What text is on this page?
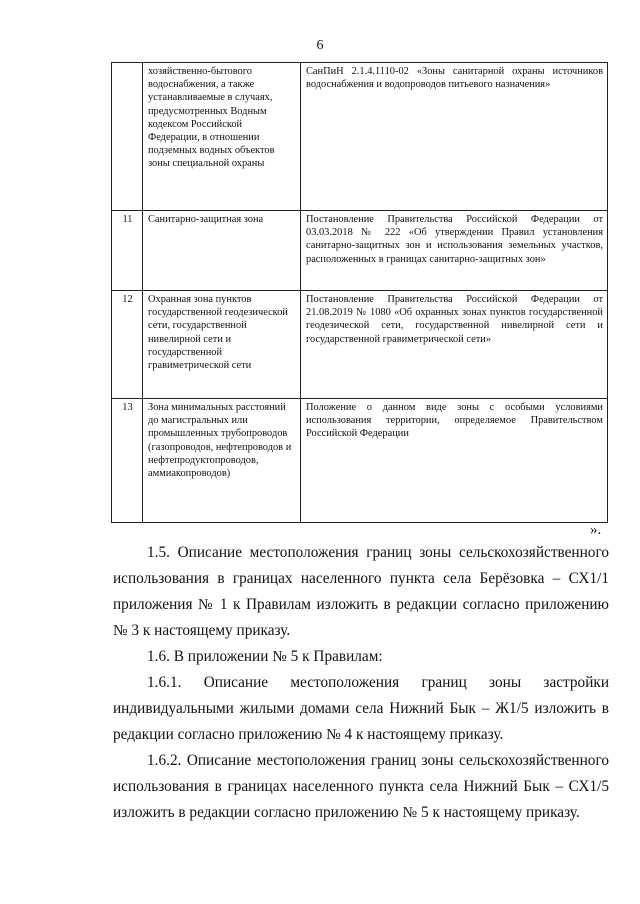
6
	хозяйственно-бытового водоснабжения, а также устанавливаемые в случаях, предусмотренных Водным кодексом Российской Федерации, в отношении подземных водных объектов зоны специальной охраны	СанПиН 2.1.4.1110-02 «Зоны санитарной охраны источников водоснабжения и водопроводов питьевого назначения»
11	Санитарно-защитная зона	Постановление Правительства Российской Федерации от 03.03.2018 № 222 «Об утверждении Правил установления санитарно-защитных зон и использования земельных участков, расположенных в границах санитарно-защитных зон»
12	Охранная зона пунктов государственной геодезической сети, государственной нивелирной сети и государственной гравиметрической сети	Постановление Правительства Российской Федерации от 21.08.2019 № 1080 «Об охранных зонах пунктов государственной геодезической сети, государственной нивелирной сети и государственной гравиметрической сети»
13	Зона минимальных расстояний до магистральных или промышленных трубопроводов (газопроводов, нефтепроводов и нефтепродуктопроводов, аммиакопроводов)	Положение о данном виде зоны с особыми условиями использования территории, определяемое Правительством Российской Федерации
».

1.5. Описание местоположения границ зоны сельскохозяйственного использования в границах населенного пункта села Берёзовка – СХ1/1 приложения № 1 к Правилам изложить в редакции согласно приложению № 3 к настоящему приказу.

1.6. В приложении № 5 к Правилам:

1.6.1. Описание местоположения границ зоны застройки индивидуальными жилыми домами села Нижний Бык – Ж1/5 изложить в редакции согласно приложению № 4 к настоящему приказу.

1.6.2. Описание местоположения границ зоны сельскохозяйственного использования в границах населенного пункта села Нижний Бык – СХ1/5 изложить в редакции согласно приложению № 5 к настоящему приказу.
